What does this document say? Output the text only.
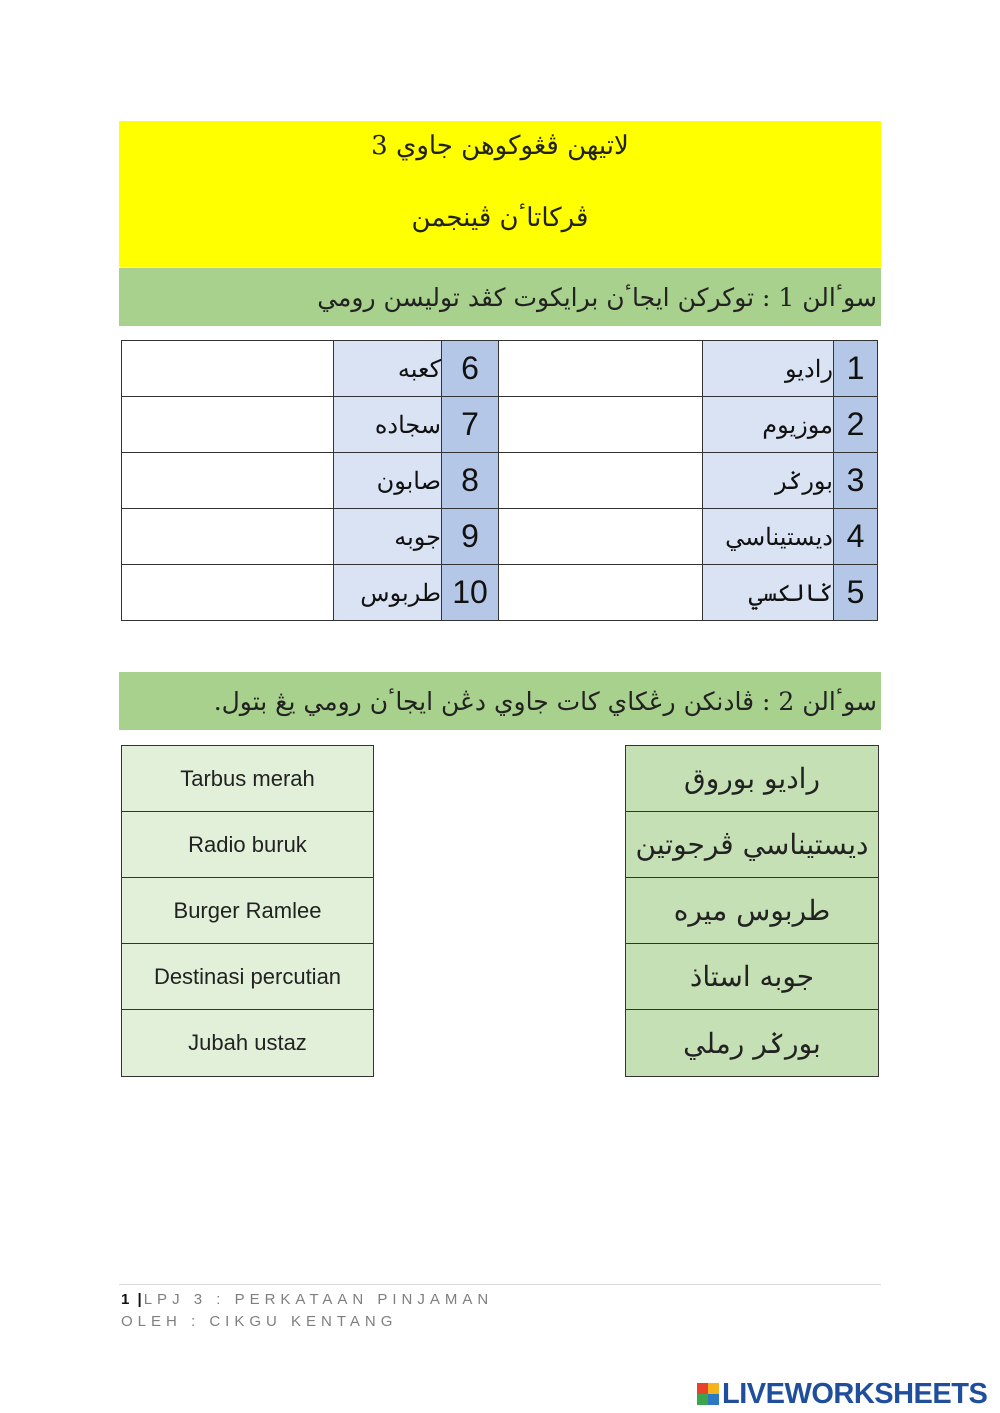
لاتيهن ڤڠوكوهن جاوي 3
ڤركاتاٴن ڤينجمن
سوٴالن 1 : توكركن ايجاٴن برايكوت كڤد توليسن رومي
	كعبه	6		راديو	1
	سجاده	7		موزيوم	2
	صابون	8		بورݢر	3
	جوبه	9		ديستيناسي	4
	طربوس	10		ݢالكسي	5
سوٴالن 2 : ڤادنكن رڠكاي كات جاوي دڠن ايجاٴن رومي يڠ بتول.
Tarbus merah
Radio buruk
Burger Ramlee
Destinasi percutian
Jubah ustaz
راديو بوروق
ديستيناسي ڤرجوتين
طربوس ميره
جوبه استاذ
بورݢر رملي
1 |LPJ 3 : PERKATAAN PINJAMAN
OLEH : CIKGU KENTANG
LIVEWORKSHEETS
